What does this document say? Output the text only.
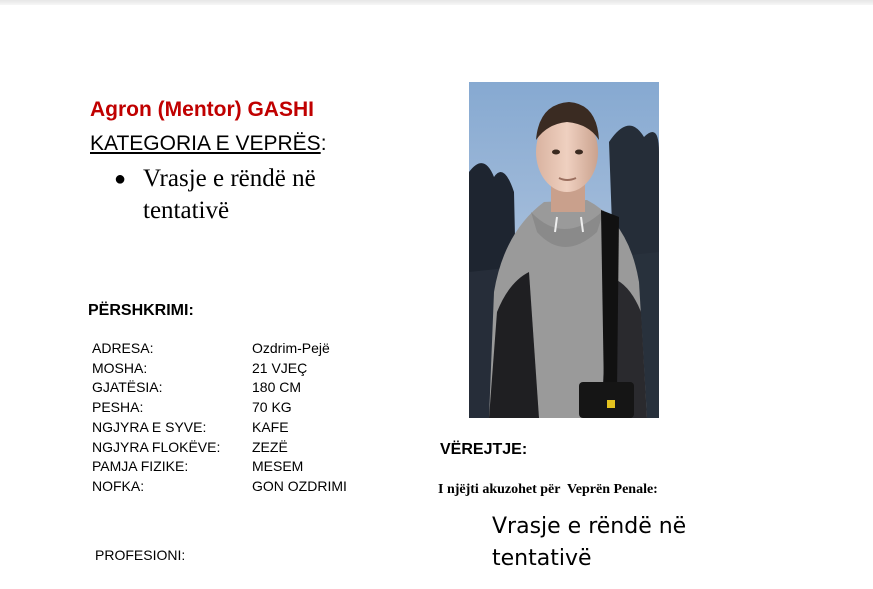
Agron (Mentor) GASHI
KATEGORIA E VEPRËS:
● Vrasje e rëndë në tentativë
PËRSHKRIMI:
ADRESA:	Ozdrim-Pejë
MOSHA:	21 VJEÇ
GJATËSIA:	180 CM
PESHA:	70 KG
NGJYRA E SYVE:	KAFE
NGJYRA FLOKËVE:	ZEZË
PAMJA FIZIKE:	MESEM
NOFKA:	GON OZDRIMI
PROFESIONI:
VËREJTJE:
I njëjti akuzohet për  Veprën Penale:
Vrasje e rëndë në tentativë
